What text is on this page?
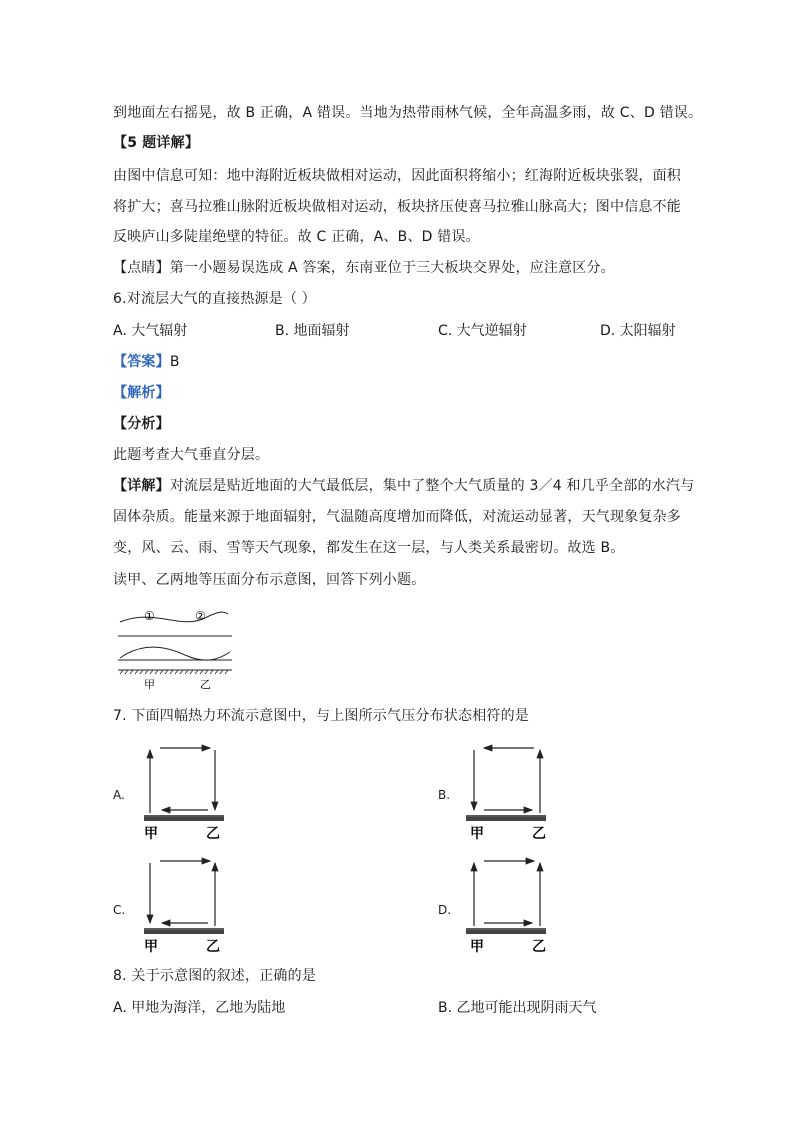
到地面左右摇晃，故 B 正确，A 错误。当地为热带雨林气候，全年高温多雨，故 C、D 错误。
【5 题详解】
由图中信息可知：地中海附近板块做相对运动，因此面积将缩小；红海附近板块张裂，面积
将扩大；喜马拉雅山脉附近板块做相对运动，板块挤压使喜马拉雅山脉高大；图中信息不能
反映庐山多陡崖绝壁的特征。故 C 正确，A、B、D 错误。
【点睛】第一小题易误选成 A 答案，东南亚位于三大板块交界处，应注意区分。
6.对流层大气的直接热源是（ ）
A. 大气辐射	B. 地面辐射	C. 大气逆辐射	D. 太阳辐射
【答案】B
【解析】
【分析】
此题考查大气垂直分层。
【详解】对流层是贴近地面的大气最低层，集中了整个大气质量的 3／4 和几乎全部的水汽与
固体杂质。能量来源于地面辐射，气温随高度增加而降低，对流运动显著，天气现象复杂多
变，风、云、雨、雪等天气现象，都发生在这一层，与人类关系最密切。故选 B。
读甲、乙两地等压面分布示意图，回答下列小题。
①	②
甲	乙
7. 下面四幅热力环流示意图中，与上图所示气压分布状态相符的是
A.
甲	乙
B.
甲	乙
C.
甲	乙
D.
甲	乙
8. 关于示意图的叙述，正确的是
A. 甲地为海洋，乙地为陆地	B. 乙地可能出现阴雨天气
